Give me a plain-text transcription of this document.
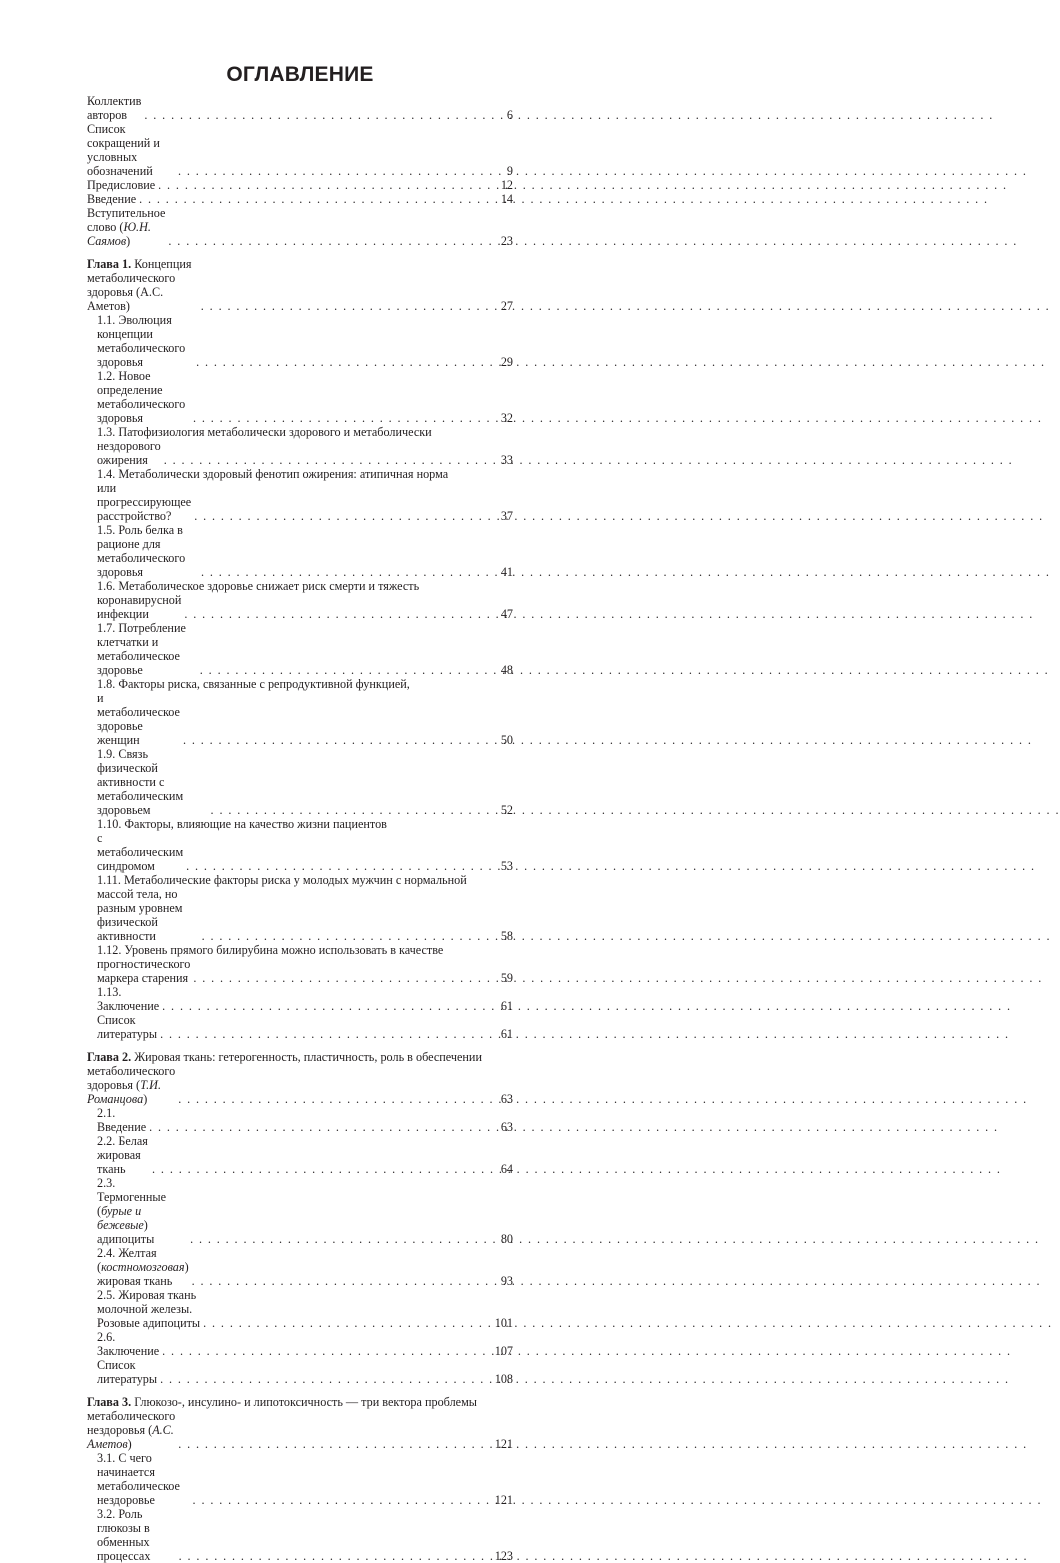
ОГЛАВЛЕНИЕ
Коллектив авторов . . .	6
Список сокращений и условных обозначений . . .	9
Предисловие . . .	12
Введение . . .	14
Вступительное слово (Ю.Н. Саямов) . . .	23
Глава 1. Концепция метаболического здоровья (А.С. Аметов) . . .	27
1.1. Эволюция концепции метаболического здоровья . . .	29
1.2. Новое определение метаболического здоровья . . .	32
1.3. Патофизиология метаболически здорового и метаболически
нездорового ожирения . . .	33
1.4. Метаболически здоровый фенотип ожирения: атипичная норма
или прогрессирующее расстройство? . . .	37
1.5. Роль белка в рационе для метаболического здоровья . . .	41
1.6. Метаболическое здоровье снижает риск смерти и тяжесть
коронавирусной инфекции . . .	47
1.7. Потребление клетчатки и метаболическое здоровье . . .	48
1.8. Факторы риска, связанные с репродуктивной функцией,
и метаболическое здоровье женщин . . .	50
1.9. Связь физической активности с метаболическим здоровьем . . .	52
1.10. Факторы, влияющие на качество жизни пациентов
с метаболическим синдромом . . .	53
1.11. Метаболические факторы риска у молодых мужчин с нормальной
массой тела, но разным уровнем физической активности . . .	58
1.12. Уровень прямого билирубина можно использовать в качестве
прогностического маркера старения . . .	59
1.13. Заключение . . .	61
Список литературы . . .	61
Глава 2. Жировая ткань: гетерогенность, пластичность, роль в обеспечении
метаболического здоровья (Т.И. Романцова) . . .	63
2.1. Введение . . .	63
2.2. Белая жировая ткань . . .	64
2.3. Термогенные (бурые и бежевые) адипоциты . . .	80
2.4. Желтая (костномозговая) жировая ткань . . .	93
2.5. Жировая ткань молочной железы. Розовые адипоциты . . .	101
2.6. Заключение . . .	107
Список литературы . . .	108
Глава 3. Глюкозо-, инсулино- и липотоксичность — три вектора проблемы
метаболического нездоровья (А.С. Аметов) . . .	121
3.1. С чего начинается метаболическое нездоровье . . .	121
3.2. Роль глюкозы в обменных процессах . . .	123
